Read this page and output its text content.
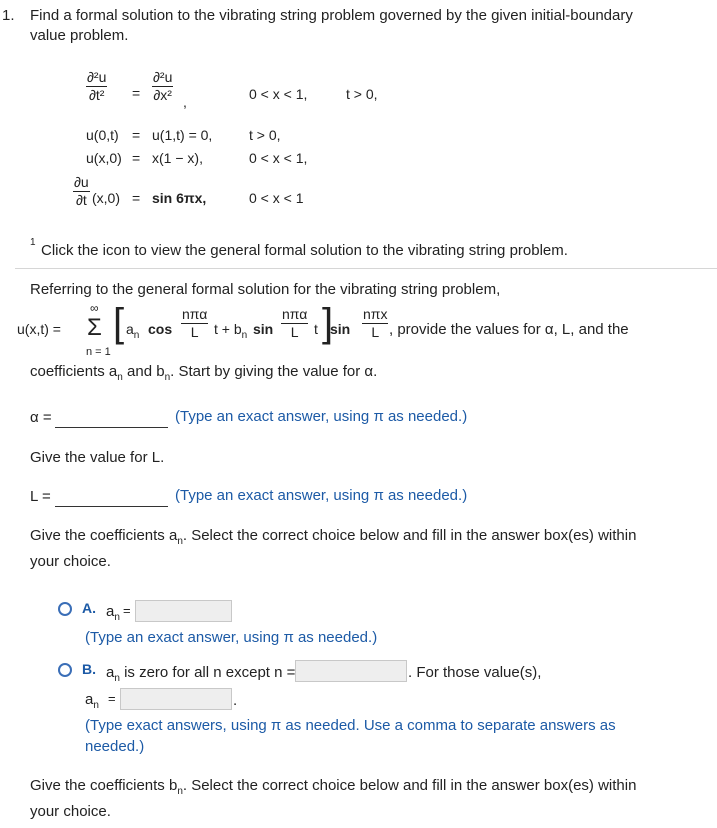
1. Find a formal solution to the vibrating string problem governed by the given initial-boundary
value problem.
∂²u
∂t² =
∂²u
∂x² ,	0 < x < 1,	t > 0,
u(0,t) = u(1,t) = 0,	t > 0,
u(x,0) = x(1 − x),	0 < x < 1,
∂u
∂t (x,0) = sin 6πx,	0 < x < 1
1 Click the icon to view the general formal solution to the vibrating string problem.
Referring to the general formal solution for the vibrating string problem,
u(x,t) =
∞
Σ
n = 1
[ $a_n$ cos
nπα
L	$t + b_n$ sin
nπα
L	t ]
sin
nπx
L , provide the values for α, L, and the
coefficients $a_n$ and $b_n$. Start by giving the value for α.
α =	(Type an exact answer, using π as needed.)
Give the value for L.
L =	(Type an exact answer, using π as needed.)
Give the coefficients $a_n$. Select the correct choice below and fill in the answer box(es) within
your choice.
A. $a_n$ =
(Type an exact answer, using π as needed.)
B. $a_n$ is zero for all n except n =	. For those value(s),
$a_n$ =	.
(Type exact answers, using π as needed. Use a comma to separate answers as
needed.)
Give the coefficients $b_n$. Select the correct choice below and fill in the answer box(es) within
your choice.
